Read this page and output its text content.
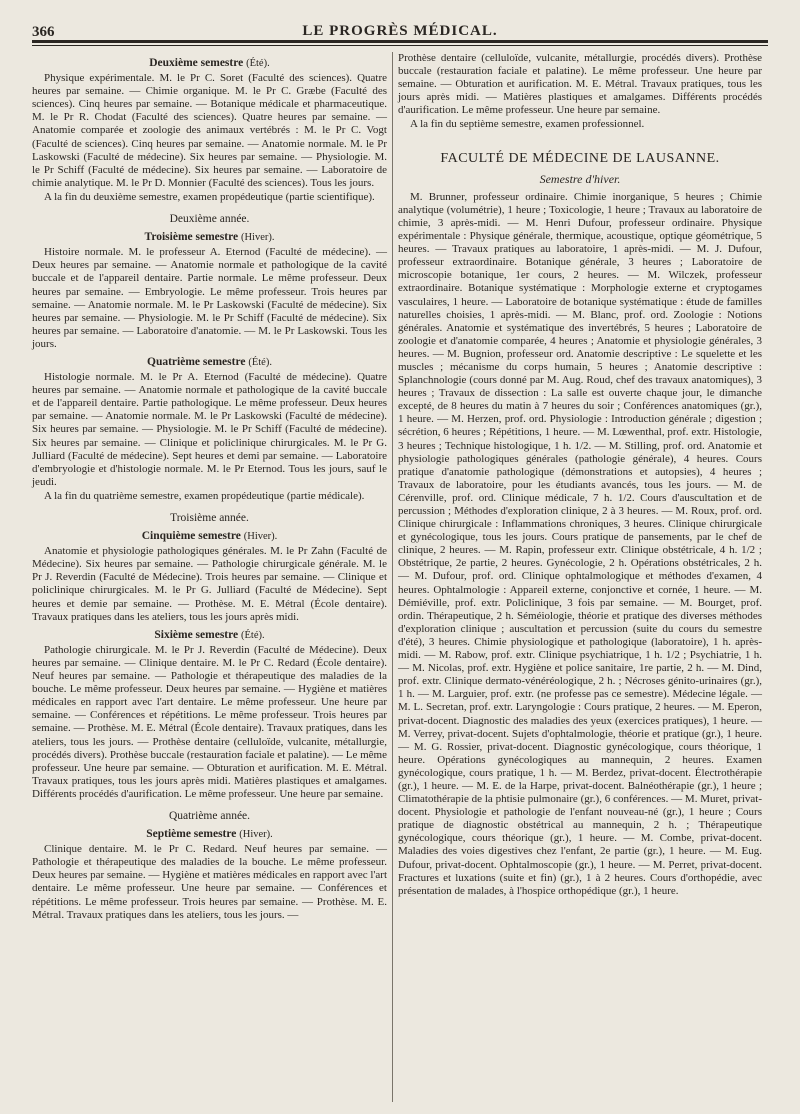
366	LE PROGRÈS MÉDICAL.
Deuxième semestre (Été).

Physique expérimentale. M. le Pr C. Soret (Faculté des sciences). Quatre heures par semaine. — Chimie organique. M. le Pr C. Græbe (Faculté des sciences). Cinq heures par semaine. — Botanique médicale et pharmaceutique. M. le Pr R. Chodat (Faculté des sciences). Quatre heures par semaine. — Anatomie comparée et zoologie des animaux vertébrés : M. le Pr C. Vogt (Faculté de sciences). Cinq heures par semaine. — Anatomie normale. M. le Pr Laskowski (Faculté de médecine). Six heures par semaine. — Physiologie. M. le Pr Schiff (Faculté de médecine). Six heures par semaine. — Laboratoire de chimie analytique. M. le Pr D. Monnier (Faculté des sciences). Tous les jours.

A la fin du deuxième semestre, examen propédeutique (partie scientifique).

Deuxième année.
Troisième semestre (Hiver).

Histoire normale. M. le professeur A. Eternod (Faculté de médecine). — Deux heures par semaine. — Anatomie normale et pathologique de la cavité buccale et de l'appareil dentaire. Partie normale. Le même professeur. Deux heures par semaine. — Embryologie. Le même professeur. Trois heures par semaine. — Anatomie normale. M. le Pr Laskowski (Faculté de médecine). Six heures par semaine. — Physiologie. M. le Pr Schiff (Faculté de médecine). Six heures par semaine. — Laboratoire d'anatomie. — M. le Pr Laskowski. Tous les jours.

Quatrième semestre (Été).

Histologie normale. M. le Pr A. Eternod (Faculté de médecine). Quatre heures par semaine. — Anatomie normale et pathologique de la cavité buccale et de l'appareil dentaire. Partie pathologique. Le même professeur. Deux heures par semaine. — Anatomie normale. M. le Pr Laskowski (Faculté de médecine). Six heures par semaine. — Physiologie. M. le Pr Schiff (Faculté de médecine). Six heures par semaine. — Clinique et policlinique chirurgicales. M. le Pr G. Julliard (Faculté de médecine). Sept heures et demi par semaine. — Laboratoire d'embryologie et d'histologie normale. M. le Pr Eternod. Tous les jours, sauf le jeudi.

A la fin du quatrième semestre, examen propédeutique (partie médicale).

Troisième année.
Cinquième semestre (Hiver).

Anatomie et physiologie pathologiques générales. M. le Pr Zahn (Faculté de Médecine). Six heures par semaine. — Pathologie chirurgicale générale. M. le Pr J. Reverdin (Faculté de Médecine). Trois heures par semaine. — Clinique et policlinique chirurgicales. M. le Pr G. Julliard (Faculté de Médecine). Sept heures et demie par semaine. — Prothèse. M. E. Métral (École dentaire). Travaux pratiques dans les ateliers, tous les jours après midi.

Sixième semestre (Été).

Pathologie chirurgicale. M. le Pr J. Reverdin (Faculté de Médecine). Deux heures par semaine. — Clinique dentaire. M. le Pr C. Redard (École dentaire). Neuf heures par semaine. — Pathologie et thérapeutique des maladies de la bouche. Le même professeur. Deux heures par semaine. — Hygiène et matières médicales en rapport avec l'art dentaire. Le même professeur. Une heure par semaine. — Conférences et répétitions. Le même professeur. Trois heures par semaine. — Prothèse. M. E. Métral (École dentaire). Travaux pratiques, dans les ateliers, tous les jours. — Prothèse dentaire (celluloïde, vulcanite, métallurgie, procédés divers). Prothèse buccale (restauration faciale et palatine). — Le même professeur. Une heure par semaine. — Obturation et aurification. M. E. Métral. Travaux pratiques, tous les jours après midi. Matières plastiques et amalgames. Différents procédés d'aurification. Le même professeur. Une heure par semaine.

Quatrième année.
Septième semestre (Hiver).

Clinique dentaire. M. le Pr C. Redard. Neuf heures par semaine. — Pathologie et thérapeutique des maladies de la bouche. Le même professeur. Deux heures par semaine. — Hygiène et matières médicales en rapport avec l'art dentaire. Le même professeur. Une heure par semaine. — Conférences et répétitions. Le même professeur. Trois heures par semaine. — Prothèse. M. E. Métral. Travaux pratiques dans les ateliers, tous les jours. —

Prothèse dentaire (celluloïde, vulcanite, métallurgie, procédés divers). Prothèse buccale (restauration faciale et palatine). Le même professeur. Une heure par semaine. — Obturation et aurification. M. E. Métral. Travaux pratiques, tous les jours après midi. — Matières plastiques et amalgames. Différents procédés d'aurification. Le même professeur. Une heure par semaine.

A la fin du septième semestre, examen professionnel.

FACULTÉ DE MÉDECINE DE LAUSANNE.
Semestre d'hiver.

M. Brunner, professeur ordinaire. Chimie inorganique, 5 heures ; Chimie analytique (volumétrie), 1 heure ; Toxicologie, 1 heure ; Travaux au laboratoire de chimie, 3 après-midi. — M. Henri Dufour, professeur ordinaire. Physique expérimentale : Physique générale, thermique, acoustique, optique géométrique, 5 heures. — Travaux pratiques au laboratoire, 1 après-midi. — M. J. Dufour, professeur extraordinaire. Botanique générale, 3 heures ; Laboratoire de microscopie botanique, 1er cours, 2 heures. — M. Wilczek, professeur extraordinaire. Botanique systématique : Morphologie externe et cryptogames vasculaires, 1 heure. — Laboratoire de botanique systématique : étude de familles naturelles choisies, 1 après-midi. — M. Blanc, prof. ord. Zoologie : Notions générales. Anatomie et systématique des invertébrés, 5 heures ; Laboratoire de zoologie et d'anatomie comparée, 4 heures ; Anatomie et physiologie générales, 3 heures. — M. Bugnion, professeur ord. Anatomie descriptive : Le squelette et les muscles ; mécanisme du corps humain, 5 heures ; Anatomie descriptive : Splanchnologie (cours donné par M. Aug. Roud, chef des travaux anatomiques), 3 heures ; Travaux de dissection : La salle est ouverte chaque jour, le dimanche excepté, de 8 heures du matin à 7 heures du soir ; Conférences anatomiques (gr.), 1 heure. — M. Herzen, prof. ord. Physiologie : Introduction générale ; digestion ; sécrétion, 6 heures ; Répétitions, 1 heure. — M. Lœwenthal, prof. extr. Histologie, 3 heures ; Technique histologique, 1 h. 1/2. — M. Stilling, prof. ord. Anatomie et physiologie pathologiques générales (pathologie générale), 4 heures. Cours pratique d'anatomie pathologique (démonstrations et autopsies), 4 heures ; Travaux de laboratoire, pour les étudiants avancés, tous les jours. — M. de Cérenville, prof. ord. Clinique médicale, 7 h. 1/2. Cours d'auscultation et de percussion ; Méthodes d'exploration clinique, 2 à 3 heures. — M. Roux, prof. ord. Clinique chirurgicale : Inflammations chroniques, 3 heures. Clinique chirurgicale et gynécologique, tous les jours. Cours pratique de pansements, par le chef de clinique, 2 heures. — M. Rapin, professeur extr. Clinique obstétricale, 4 h. 1/2 ; Obstétrique, 2e partie, 2 heures. Gynécologie, 2 h. Opérations obstétricales, 2 h. — M. Dufour, prof. ord. Clinique ophtalmologique et méthodes d'examen, 4 heures. Ophtalmologie : Appareil externe, conjonctive et cornée, 1 heure. — M. Démiéville, prof. extr. Policlinique, 3 fois par semaine. — M. Bourget, prof. ordin. Thérapeutique, 2 h. Séméiologie, théorie et pratique des diverses méthodes d'exploration clinique ; auscultation et percussion (suite du cours du semestre d'été), 3 heures. Chimie physiologique et pathologique (laboratoire), 1 h. après-midi. — M. Rabow, prof. extr. Clinique psychiatrique, 1 h. 1/2 ; Psychiatrie, 1 h. — M. Nicolas, prof. extr. Hygiène et police sanitaire, 1re partie, 2 h. — M. Dind, prof. extr. Clinique dermato-vénéréologique, 2 h. ; Nécroses génito-urinaires (gr.), 1 h. — M. Larguier, prof. extr. (ne professe pas ce semestre). Médecine légale. — M. L. Secretan, prof. extr. Laryngologie : Cours pratique, 2 heures. — M. Eperon, privat-docent. Diagnostic des maladies des yeux (exercices pratiques), 1 heure. — M. Verrey, privat-docent. Sujets d'ophtalmologie, théorie et pratique (gr.), 1 heure. — M. G. Rossier, privat-docent. Diagnostic gynécologique, cours théorique, 1 heure. Opérations gynécologiques au mannequin, 2 heures. Examen gynécologique, cours pratique, 1 h. — M. Berdez, privat-docent. Électrothérapie (gr.), 1 heure. — M. E. de la Harpe, privat-docent. Balnéothérapie (gr.), 1 heure ; Climatothérapie de la phtisie pulmonaire (gr.), 6 conférences. — M. Muret, privat-docent. Physiologie et pathologie de l'enfant nouveau-né (gr.), 1 heure ; Cours pratique de diagnostic obstétrical au mannequin, 2 h. ; Thérapeutique gynécologique, cours théorique (gr.), 1 heure. — M. Combe, privat-docent. Maladies des voies digestives chez l'enfant, 2e partie (gr.), 1 heure. — M. Eug. Dufour, privat-docent. Ophtalmoscopie (gr.), 1 heure. — M. Perret, privat-docent. Fractures et luxations (suite et fin) (gr.), 1 à 2 heures. Cours d'orthopédie, avec présentation de malades, à l'hospice orthopédique (gr.), 1 heure.
